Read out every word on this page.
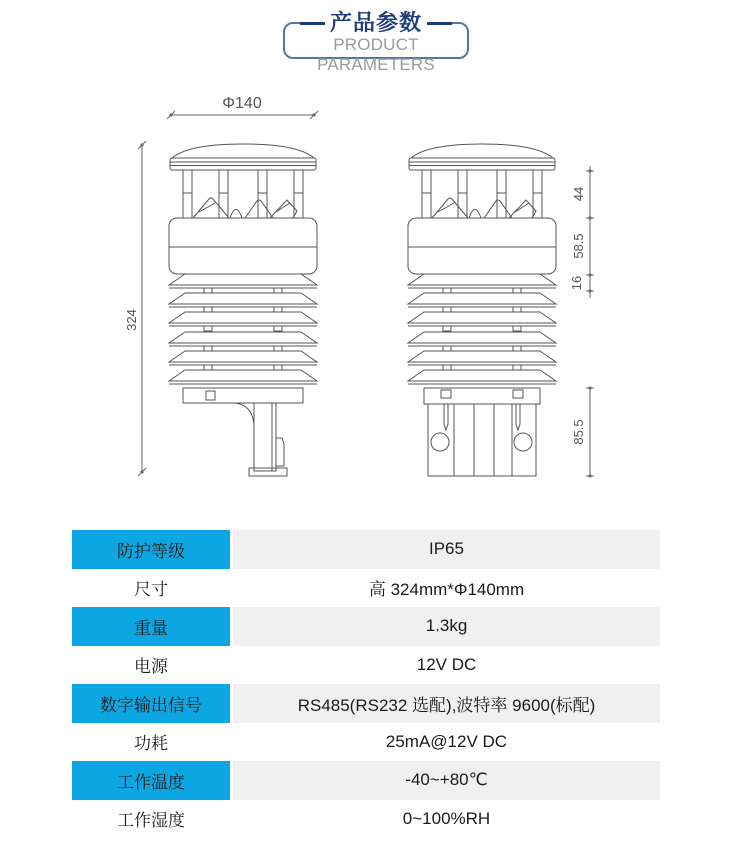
产品参数
PRODUCT PARAMETERS
Φ140
324
44
58.5
16
85.5
防护等级	IP65
尺寸	高 324mm*Φ140mm
重量	1.3kg
电源	12V DC
数字输出信号	RS485(RS232 选配),波特率 9600(标配)
功耗	25mA@12V DC
工作温度	-40~+80℃
工作湿度	0~100%RH
